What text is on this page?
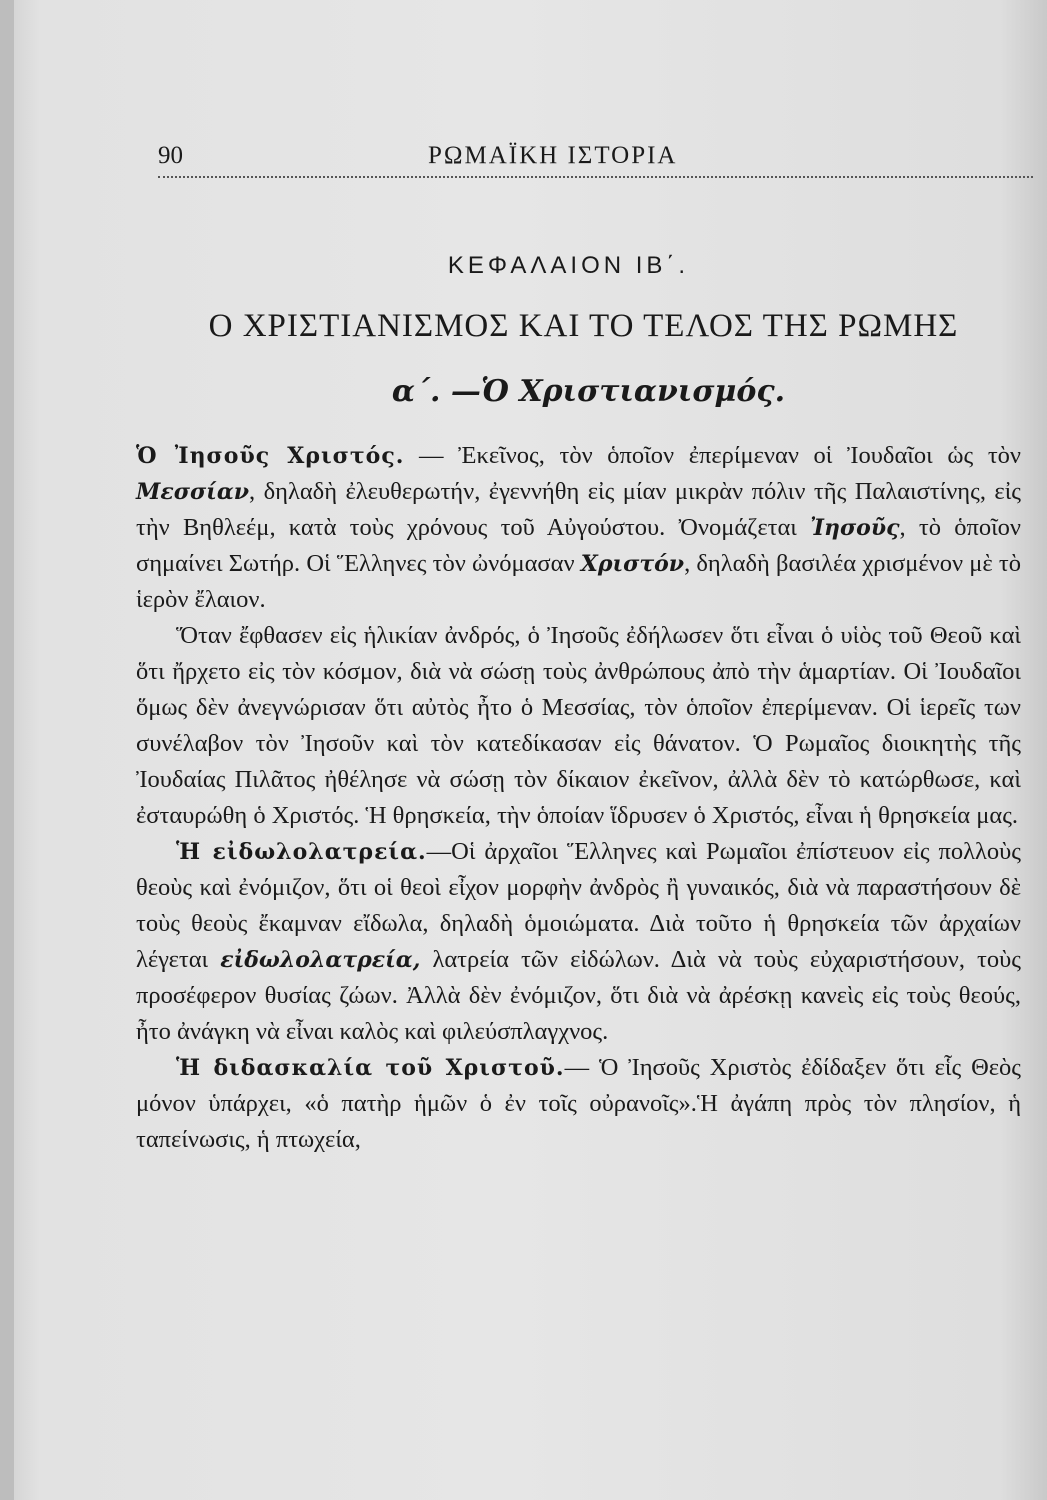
90	ΡΩΜΑΪΚΗ ΙΣΤΟΡΙΑ
ΚΕΦΑΛΑΙΟΝ ΙΒ΄.
Ο ΧΡΙΣΤΙΑΝΙΣΜΟΣ ΚΑΙ ΤΟ ΤΕΛΟΣ ΤΗΣ ΡΩΜΗΣ
α΄. —Ὁ Χριστιανισμός.

Ὁ Ἰησοῦς Χριστός. — Ἐκεῖνος, τὸν ὁποῖον ἐπερίμεναν οἱ Ἰουδαῖοι ὡς τὸν Μεσσίαν, δηλαδὴ ἐλευθερωτήν, ἐγεννήθη εἰς μίαν μικρὰν πόλιν τῆς Παλαιστίνης, εἰς τὴν Βηθλεέμ, κατὰ τοὺς χρόνους τοῦ Αὐγούστου. Ὀνομάζεται Ἰησοῦς, τὸ ὁποῖον σημαίνει Σωτήρ. Οἱ Ἕλληνες τὸν ὠνόμασαν Χριστόν, δηλαδὴ βασιλέα χρισμένον μὲ τὸ ἱερὸν ἔλαιον.

Ὅταν ἔφθασεν εἰς ἡλικίαν ἀνδρός, ὁ Ἰησοῦς ἐδήλωσεν ὅτι εἶναι ὁ υἱὸς τοῦ Θεοῦ καὶ ὅτι ἤρχετο εἰς τὸν κόσμον, διὰ νὰ σώσῃ τοὺς ἀνθρώπους ἀπὸ τὴν ἁμαρτίαν. Οἱ Ἰουδαῖοι ὅμως δὲν ἀνεγνώρισαν ὅτι αὐτὸς ἦτο ὁ Μεσσίας, τὸν ὁποῖον ἐπερίμεναν. Οἱ ἱερεῖς των συνέλαβον τὸν Ἰησοῦν καὶ τὸν κατεδίκασαν εἰς θάνατον. Ὁ Ρωμαῖος διοικητὴς τῆς Ἰουδαίας Πιλᾶτος ἠθέλησε νὰ σώσῃ τὸν δίκαιον ἐκεῖνον, ἀλλὰ δὲν τὸ κατώρθωσε, καὶ ἐσταυρώθη ὁ Χριστός. Ἡ θρησκεία, τὴν ὁποίαν ἵδρυσεν ὁ Χριστός, εἶναι ἡ θρησκεία μας.

Ἡ εἰδωλολατρεία.—Οἱ ἀρχαῖοι Ἕλληνες καὶ Ρωμαῖοι ἐπίστευον εἰς πολλοὺς θεοὺς καὶ ἐνόμιζον, ὅτι οἱ θεοὶ εἶχον μορφὴν ἀνδρὸς ἢ γυναικός, διὰ νὰ παραστήσουν δὲ τοὺς θεοὺς ἔκαμναν εἴδωλα, δηλαδὴ ὁμοιώματα. Διὰ τοῦτο ἡ θρησκεία τῶν ἀρχαίων λέγεται εἰδωλολατρεία, λατρεία τῶν εἰδώλων. Διὰ νὰ τοὺς εὐχαριστήσουν, τοὺς προσέφερον θυσίας ζώων. Ἀλλὰ δὲν ἐνόμιζον, ὅτι διὰ νὰ ἀρέσκῃ κανεὶς εἰς τοὺς θεούς, ἦτο ἀνάγκη νὰ εἶναι καλὸς καὶ φιλεύσπλαγχνος.

Ἡ διδασκαλία τοῦ Χριστοῦ.— Ὁ Ἰησοῦς Χριστὸς ἐδίδαξεν ὅτι εἷς Θεὸς μόνον ὑπάρχει, «ὁ πατὴρ ἡμῶν ὁ ἐν τοῖς οὐρανοῖς».Ἡ ἀγάπη πρὸς τὸν πλησίον, ἡ ταπείνωσις, ἡ πτωχεία,
